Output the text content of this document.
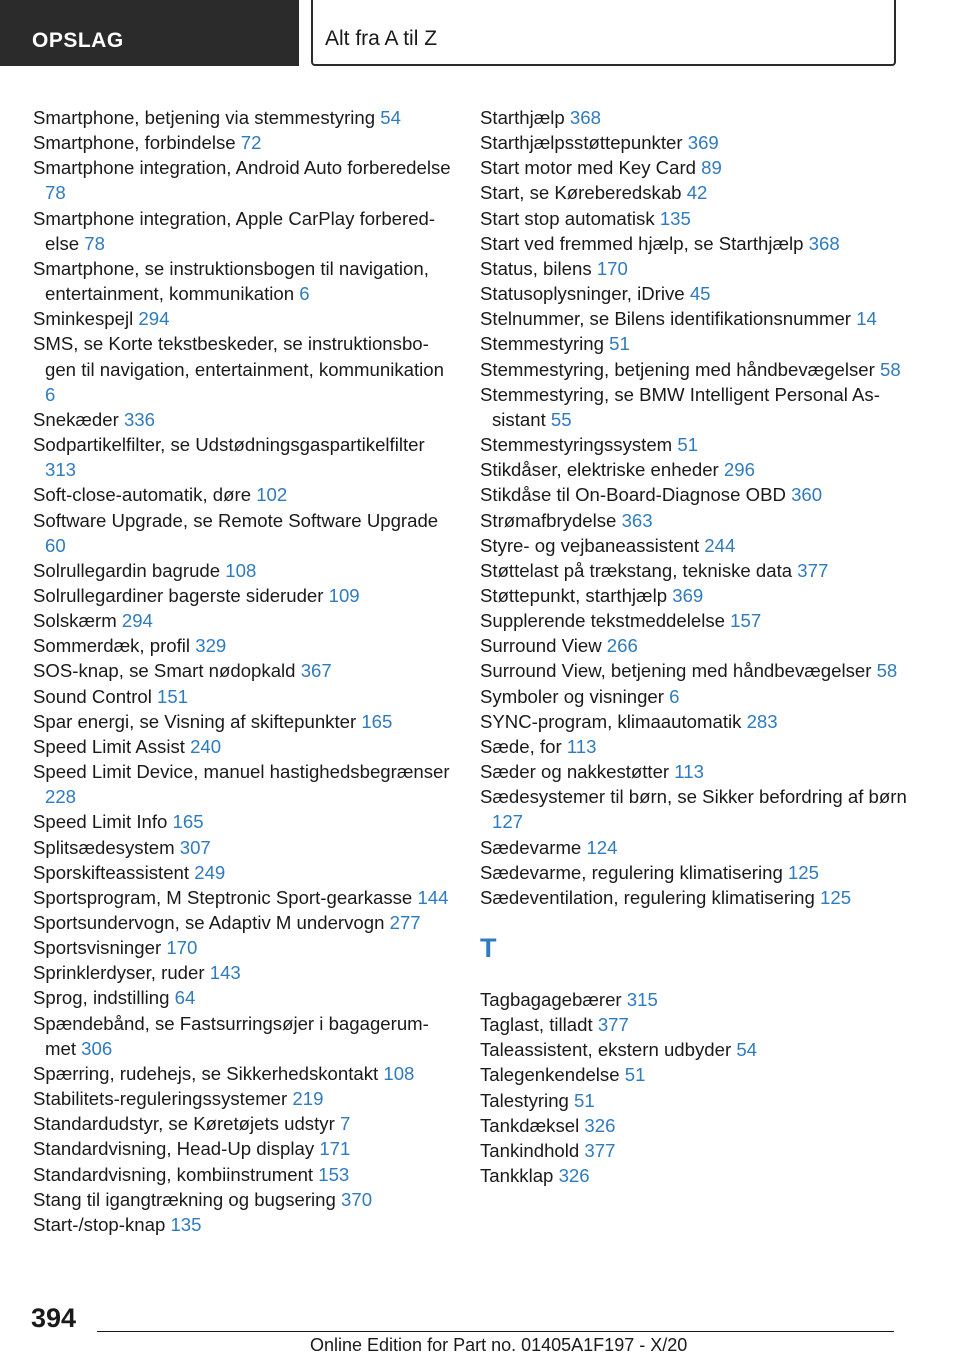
OPSLAG	Alt fra A til Z
Smartphone, betjening via stemmestyring 54
Smartphone, forbindelse 72
Smartphone integration, Android Auto forberedelse 78
Smartphone integration, Apple CarPlay forberedelse 78
Smartphone, se instruktionsbogen til navigation, entertainment, kommunikation 6
Sminkespejl 294
SMS, se Korte tekstbeskeder, se instruktionsbogen til navigation, entertainment, kommunikation 6
Snekæder 336
Sodpartikelfilter, se Udstødningsgaspartikelfilter 313
Soft-close-automatik, døre 102
Software Upgrade, se Remote Software Upgrade 60
Solrullegardin bagrude 108
Solrullegardiner bagerste sideruder 109
Solskærm 294
Sommerdæk, profil 329
SOS-knap, se Smart nødopkald 367
Sound Control 151
Spar energi, se Visning af skiftepunkter 165
Speed Limit Assist 240
Speed Limit Device, manuel hastighedsbegrænser 228
Speed Limit Info 165
Splitsædesystem 307
Sporskifteassistent 249
Sportsprogram, M Steptronic Sport-gearkasse 144
Sportsundervogn, se Adaptiv M undervogn 277
Sportsvisninger 170
Sprinklerdyser, ruder 143
Sprog, indstilling 64
Spændebånd, se Fastsurringsøjer i bagagerummet 306
Spærring, rudehejs, se Sikkerhedskontakt 108
Stabilitets-reguleringssystemer 219
Standardudstyr, se Køretøjets udstyr 7
Standardvisning, Head-Up display 171
Standardvisning, kombiinstrument 153
Stang til igangtrækning og bugsering 370
Start-/stop-knap 135
Starthjælp 368
Starthjælpsstøttepunkter 369
Start motor med Key Card 89
Start, se Køreberedskab 42
Start stop automatisk 135
Start ved fremmed hjælp, se Starthjælp 368
Status, bilens 170
Statusoplysninger, iDrive 45
Stelnummer, se Bilens identifikationsnummer 14
Stemmestyring 51
Stemmestyring, betjening med håndbevægelser 58
Stemmestyring, se BMW Intelligent Personal Assistant 55
Stemmestyringssystem 51
Stikdåser, elektriske enheder 296
Stikdåse til On-Board-Diagnose OBD 360
Strømafbrydelse 363
Styre- og vejbaneassistent 244
Støttelast på trækstang, tekniske data 377
Støttepunkt, starthjælp 369
Supplerende tekstmeddelelse 157
Surround View 266
Surround View, betjening med håndbevægelser 58
Symboler og visninger 6
SYNC-program, klimaautomatik 283
Sæde, for 113
Sæder og nakkestøtter 113
Sædesystemer til børn, se Sikker befordring af børn 127
Sædevarme 124
Sædevarme, regulering klimatisering 125
Sædeventilation, regulering klimatisering 125
T
Tagbagagebærer 315
Taglast, tilladt 377
Taleassistent, ekstern udbyder 54
Talegenkendelse 51
Talestyring 51
Tankdæksel 326
Tankindhold 377
Tankklap 326
394
Online Edition for Part no. 01405A1F197 - X/20
